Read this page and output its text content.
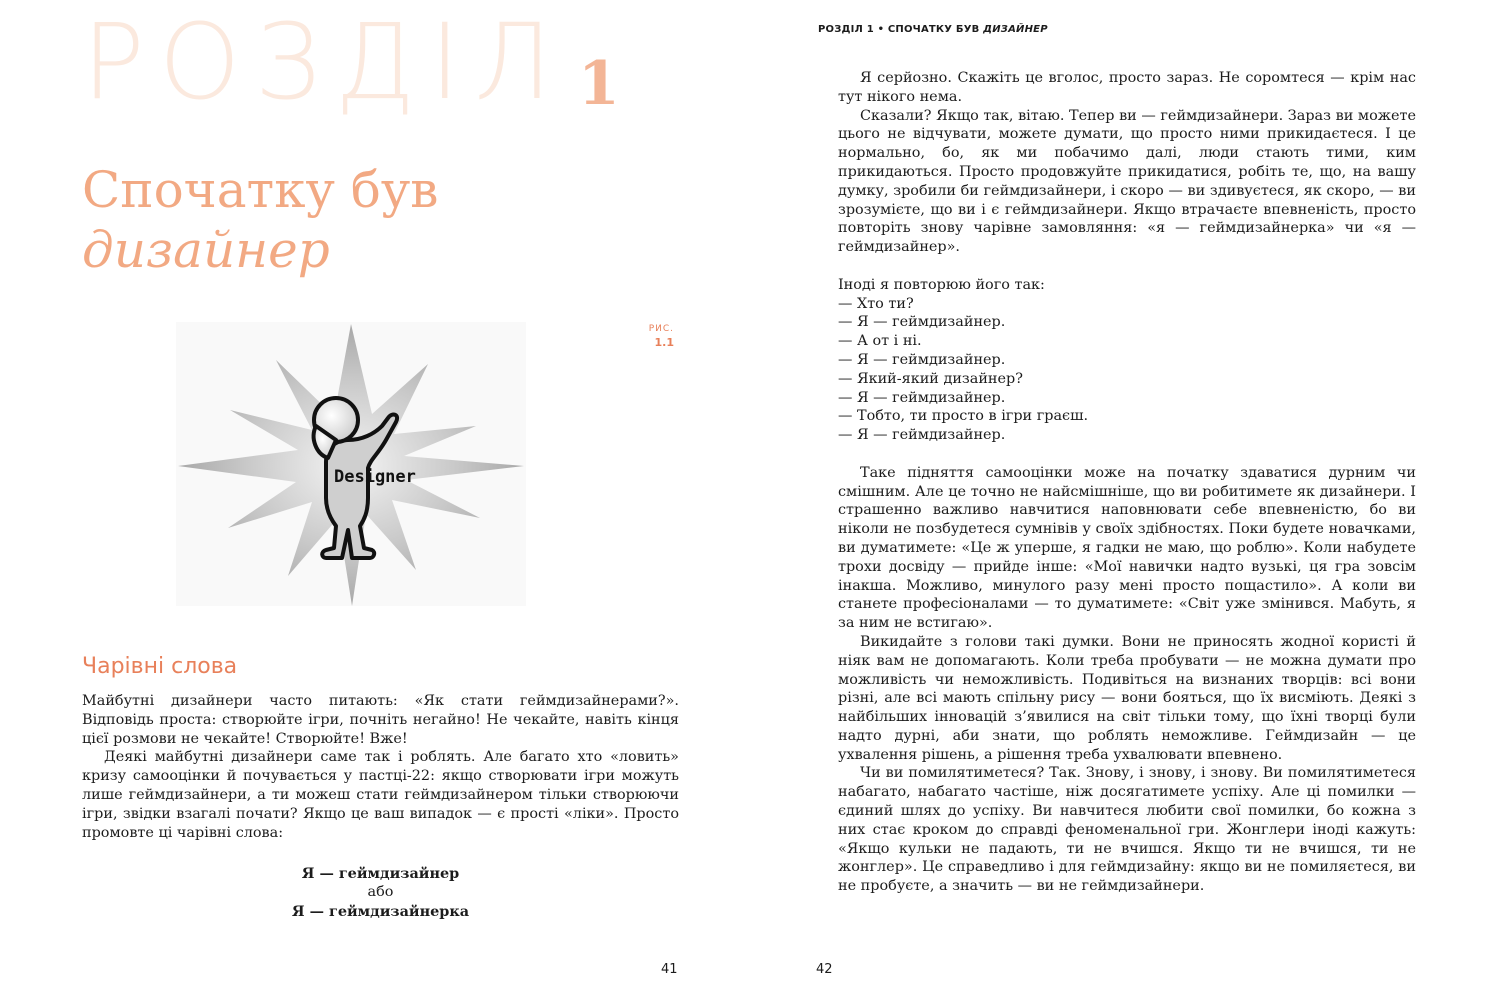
РОЗДІЛ 1
Спочатку був
дизайнер
Designer
РИС.
1.1
Чарівні слова

Майбутні дизайнери часто питають: «Як стати геймдизайнерами?». Відповідь проста: створюйте ігри, почніть негайно! Не чекайте, навіть кінця цієї розмови не чекайте! Створюйте! Вже!

Деякі майбутні дизайнери саме так і роблять. Але багато хто «ловить» кризу самооцінки й почувається у пастці-22: якщо створювати ігри можуть лише геймдизайнери, а ти можеш стати геймдизайнером тільки створюючи ігри, звідки взагалі почати? Якщо це ваш випадок — є прості «ліки». Просто промовте ці чарівні слова:

Я — геймдизайнер
або
Я — геймдизайнерка
41
РОЗДІЛ 1 • СПОЧАТКУ БУВ ДИЗАЙНЕР

Я серйозно. Скажіть це вголос, просто зараз. Не соромтеся — крім нас тут нікого нема.

Сказали? Якщо так, вітаю. Тепер ви — геймдизайнери. Зараз ви можете цього не відчувати, можете думати, що просто ними прикидаєтеся. І це нормально, бо, як ми побачимо далі, люди стають тими, ким прикидаються. Просто продовжуйте прикидатися, робіть те, що, на вашу думку, зробили би геймдизайнери, і скоро — ви здивуєтеся, як скоро, — ви зрозумієте, що ви і є геймдизайнери. Якщо втрачаєте впевненість, просто повторіть знову чарівне замовляння: «я — геймдизайнерка» чи «я — геймдизайнер».

Іноді я повторюю його так:
— Хто ти?
— Я — геймдизайнер.
— А от і ні.
— Я — геймдизайнер.
— Який-який дизайнер?
— Я — геймдизайнер.
— Тобто, ти просто в ігри граєш.
— Я — геймдизайнер.

Таке підняття самооцінки може на початку здаватися дурним чи смішним. Але це точно не найсмішніше, що ви робитимете як дизайнери. І страшенно важливо навчитися наповнювати себе впевненістю, бо ви ніколи не позбудетеся сумнівів у своїх здібностях. Поки будете новачками, ви думатимете: «Це ж уперше, я гадки не маю, що роблю». Коли набудете трохи досвіду — прийде інше: «Мої навички надто вузькі, ця гра зовсім інакша. Можливо, минулого разу мені просто пощастило». А коли ви станете професіоналами — то думатимете: «Світ уже змінився. Мабуть, я за ним не встигаю».

Викидайте з голови такі думки. Вони не приносять жодної користі й ніяк вам не допомагають. Коли треба пробувати — не можна думати про можливість чи неможливість. Подивіться на визнаних творців: всі вони різні, але всі мають спільну рису — вони бояться, що їх висміють. Деякі з найбільших інновацій з’явилися на світ тільки тому, що їхні творці були надто дурні, аби знати, що роблять неможливе. Геймдизайн — це ухвалення рішень, а рішення треба ухвалювати впевнено.

Чи ви помилятиметеся? Так. Знову, і знову, і знову. Ви помилятиметеся набагато, набагато частіше, ніж досягатимете успіху. Але ці помилки — єдиний шлях до успіху. Ви навчитеся любити свої помилки, бо кожна з них стає кроком до справді феноменальної гри. Жонглери іноді кажуть: «Якщо кульки не падають, ти не вчишся. Якщо ти не вчишся, ти не жонглер». Це справедливо і для геймдизайну: якщо ви не помиляєтеся, ви не пробуєте, а значить — ви не геймдизайнери.

42
